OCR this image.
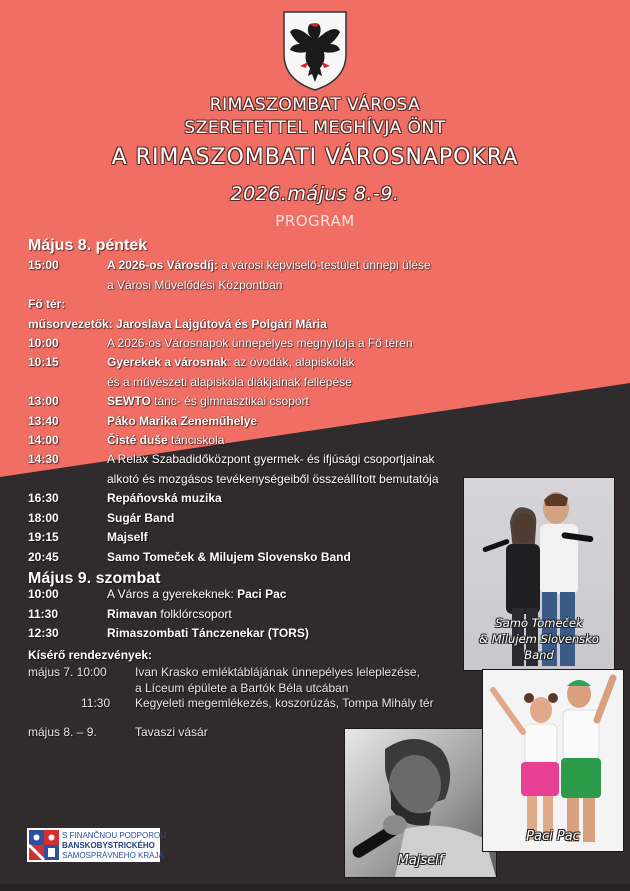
RIMASZOMBAT VÁROSA
SZERETETTEL MEGHÍVJA ÖNT
A RIMASZOMBATI VÁROSNAPOKRA
2026.május 8.-9.
PROGRAM
Május 8. péntek
15:00	A 2026-os Városdíj: a városi képviselő-testület ünnepi ülése
a Városi Művelődési Központban
Fő tér:
műsorvezetők: Jaroslava Lajgútová és Polgári Mária
10:00	A 2026-os Városnapok ünnepélyes megnyitója a Fő téren
10:15	Gyerekek a városnak: az óvodák, alapiskolák
és a művészeti alapiskola diákjainak fellépése
13:00	SEWTO tánc- és gimnasztikai csoport
13:40	Páko Marika Zeneműhelye
14:00	Čisté duše tánciskola
14:30	A Relax Szabadidőközpont gyermek- és ifjúsági csoportjainak
alkotó és mozgásos tevékenységeiből összeállított bemutatója
16:30	Repáňovská muzika
18:00	Sugár Band
19:15	Majself
20:45	Samo Tomeček & Milujem Slovensko Band
Május 9. szombat
10:00	A Város a gyerekeknek: Paci Pac
11:30	Rimavan folklórcsoport
12:30	Rimaszombati Tánczenekar (TORS)
Kísérő rendezvények:
május 7. 10:00 Ivan Krasko emléktáblájának ünnepélyes leleplezése,
a Líceum épülete a Bartók Béla utcában
11:30 Kegyeleti megemlékezés, koszorúzás, Tompa Mihály tér
május 8. – 9.	Tavaszi vásár
Samo Tomeček
& Milujem Slovensko
Band
Majself
Paci Pac
S FINANČNOU PODPOROU
BANSKOBYSTRICKÉHO
SAMOSPRÁVNEHO KRAJA
